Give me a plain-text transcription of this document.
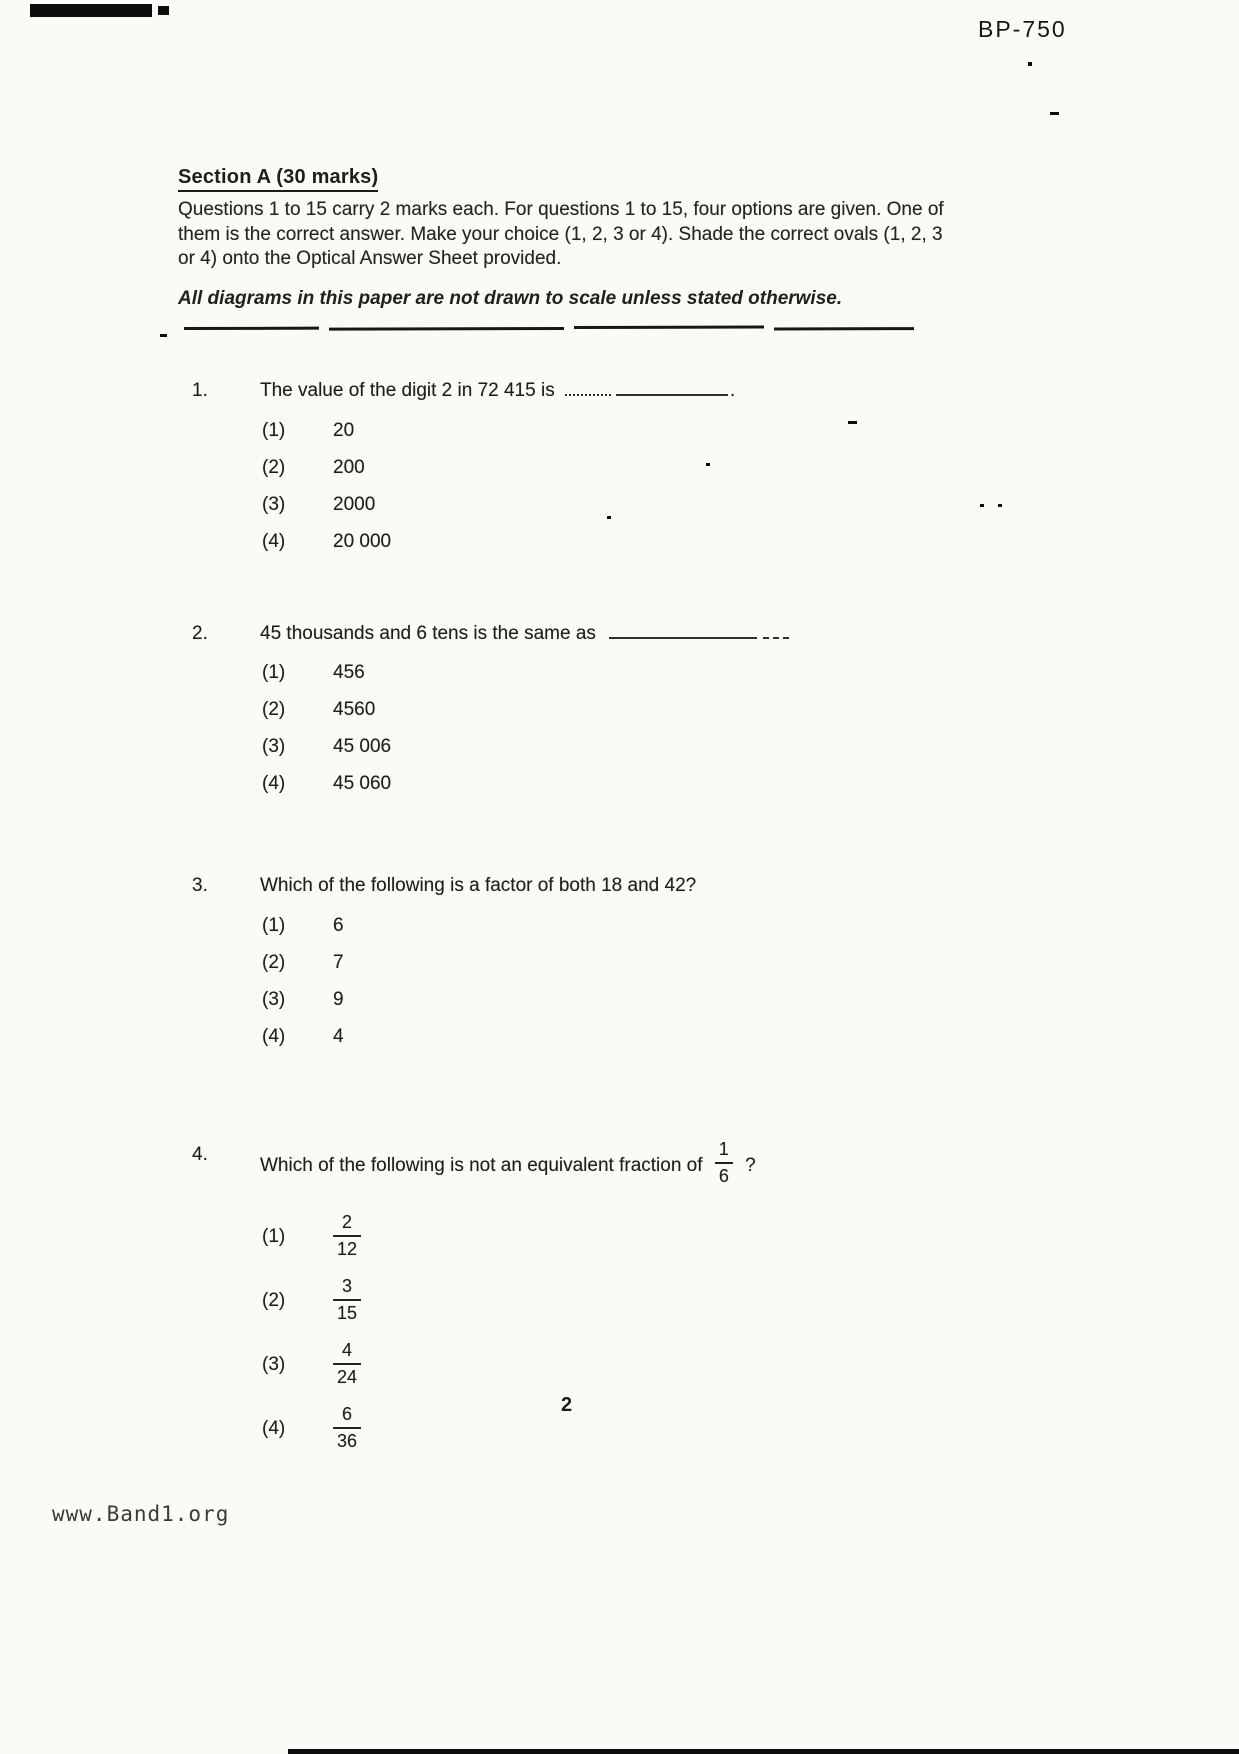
BP-750
Section A (30 marks)

Questions 1 to 15 carry 2 marks each. For questions 1 to 15, four options are given. One of them is the correct answer. Make your choice (1, 2, 3 or 4). Shade the correct ovals (1, 2, 3 or 4) onto the Optical Answer Sheet provided.

All diagrams in this paper are not drawn to scale unless stated otherwise.

1.	The value of the digit 2 in 72 415 is	.
(1)	20
(2)	200
(3)	2000
(4)	20 000
2.	45 thousands and 6 tens is the same as
(1)	456
(2)	4560
(3)	45 006
(4)	45 060
3.	Which of the following is a factor of both 18 and 42?
(1)	6
(2)	7
(3)	9
(4)	4
4.
Which of the following is not an equivalent fraction of $\frac{1}{6}$ ?
(1)	$\frac{2}{12}$
(2)	$\frac{3}{15}$
(3)	$\frac{4}{24}$
(4)	$\frac{6}{36}$	2
www.Band1.org
